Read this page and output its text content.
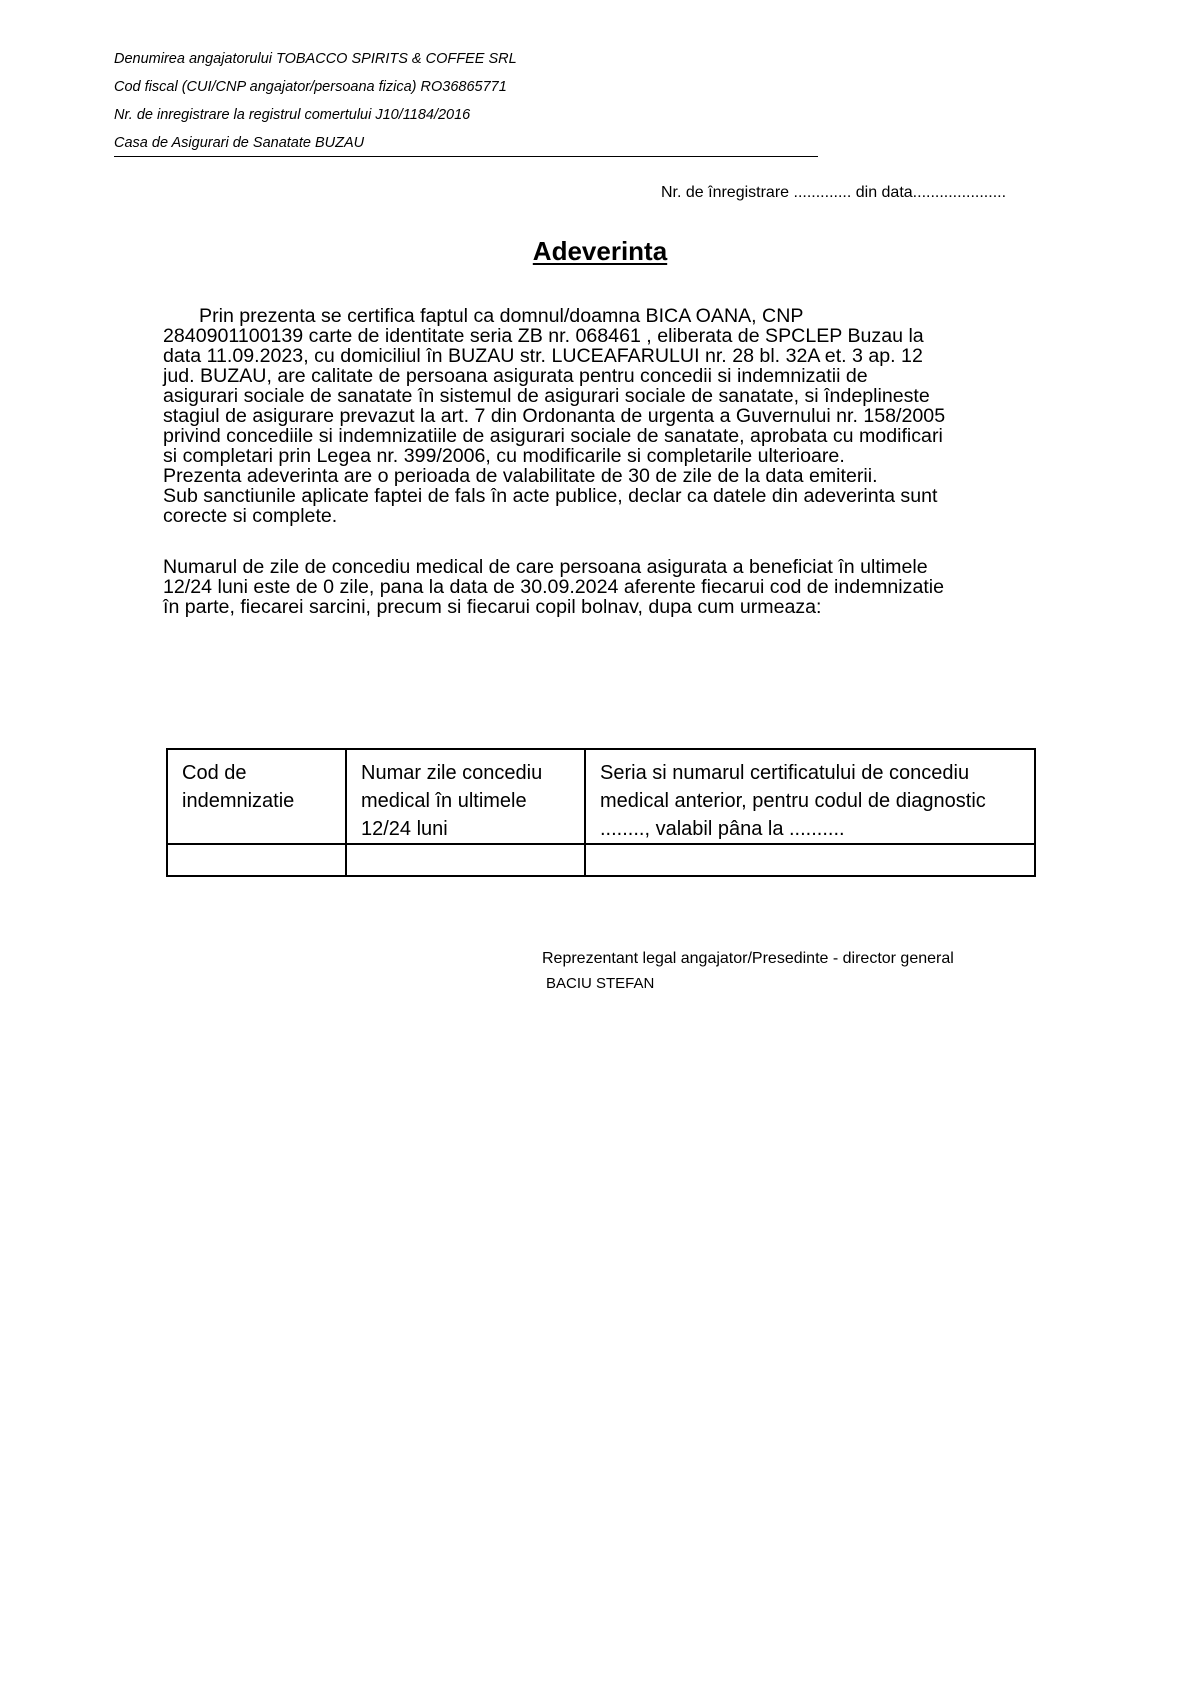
Denumirea angajatorului TOBACCO SPIRITS & COFFEE SRL
Cod fiscal (CUI/CNP angajator/persoana fizica) RO36865771
Nr. de inregistrare la registrul comertului J10/1184/2016
Casa de Asigurari de Sanatate BUZAU
Nr. de înregistrare ............. din data.....................
Adeverinta

Prin prezenta se certifica faptul ca domnul/doamna BICA OANA, CNP

2840901100139 carte de identitate seria ZB nr. 068461 , eliberata de SPCLEP Buzau la

data 11.09.2023, cu domiciliul în BUZAU str. LUCEAFARULUI nr. 28 bl. 32A et. 3 ap. 12

jud. BUZAU, are calitate de persoana asigurata pentru concedii si indemnizatii de

asigurari sociale de sanatate în sistemul de asigurari sociale de sanatate, si îndeplineste

stagiul de asigurare prevazut la art. 7 din Ordonanta de urgenta a Guvernului nr. 158/2005

privind concediile si indemnizatiile de asigurari sociale de sanatate, aprobata cu modificari

si completari prin Legea nr. 399/2006, cu modificarile si completarile ulterioare.

Prezenta adeverinta are o perioada de valabilitate de 30 de zile de la data emiterii.

Sub sanctiunile aplicate faptei de fals în acte publice, declar ca datele din adeverinta sunt

corecte si complete.

Numarul de zile de concediu medical de care persoana asigurata a beneficiat în ultimele

12/24 luni este de 0 zile, pana la data de 30.09.2024 aferente fiecarui cod de indemnizatie

în parte, fiecarei sarcini, precum si fiecarui copil bolnav, dupa cum urmeaza:

Cod de indemnizatie	Numar zile concediu medical în ultimele 12/24 luni	Seria si numarul certificatului de concediu medical anterior, pentru codul de diagnostic ........, valabil pâna la ..........

Reprezentant legal angajator/Presedinte - director general
BACIU STEFAN
